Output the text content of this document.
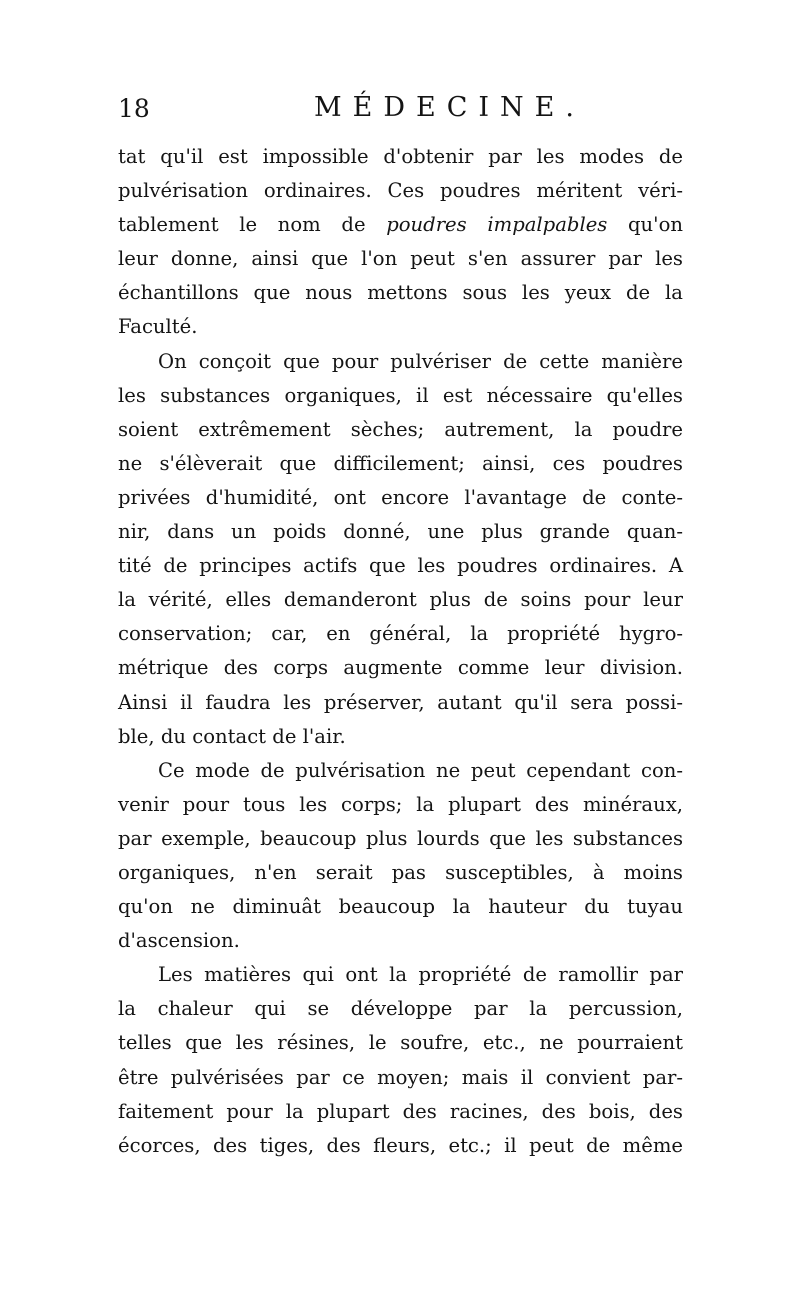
18	MÉDECINE.
tat qu'il est impossible d'obtenir par les modes de
pulvérisation ordinaires. Ces poudres méritent véri-
tablement le nom de poudres impalpables qu'on
leur donne, ainsi que l'on peut s'en assurer par les
échantillons que nous mettons sous les yeux de la
Faculté.
On conçoit que pour pulvériser de cette manière
les substances organiques, il est nécessaire qu'elles
soient extrêmement sèches; autrement, la poudre
ne s'élèverait que difficilement; ainsi, ces poudres
privées d'humidité, ont encore l'avantage de conte-
nir, dans un poids donné, une plus grande quan-
tité de principes actifs que les poudres ordinaires. A
la vérité, elles demanderont plus de soins pour leur
conservation; car, en général, la propriété hygro-
métrique des corps augmente comme leur division.
Ainsi il faudra les préserver, autant qu'il sera possi-
ble, du contact de l'air.
Ce mode de pulvérisation ne peut cependant con-
venir pour tous les corps; la plupart des minéraux,
par exemple, beaucoup plus lourds que les substances
organiques, n'en serait pas susceptibles, à moins
qu'on ne diminuât beaucoup la hauteur du tuyau
d'ascension.
Les matières qui ont la propriété de ramollir par
la chaleur qui se développe par la percussion,
telles que les résines, le soufre, etc., ne pourraient
être pulvérisées par ce moyen; mais il convient par-
faitement pour la plupart des racines, des bois, des
écorces, des tiges, des fleurs, etc.; il peut de même
